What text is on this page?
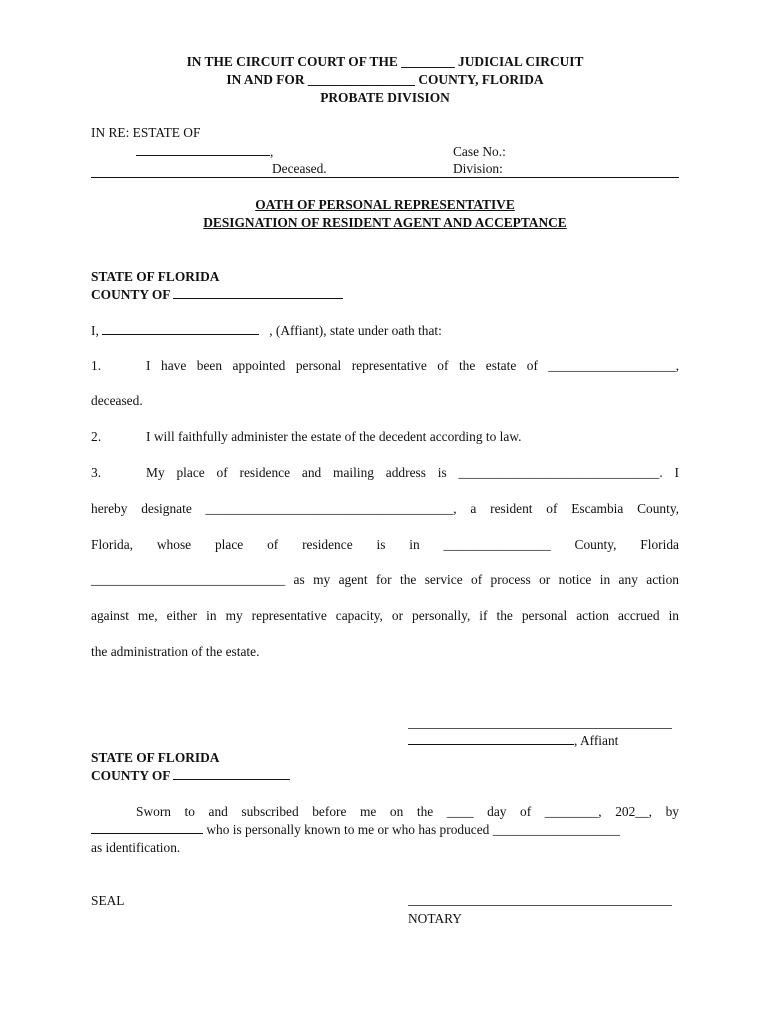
IN THE CIRCUIT COURT OF THE ________ JUDICIAL CIRCUIT
IN AND FOR ________________ COUNTY, FLORIDA
PROBATE DIVISION
IN RE: ESTATE OF
,
Deceased.
Case No.:
Division:
OATH OF PERSONAL REPRESENTATIVE
DESIGNATION OF RESIDENT AGENT AND ACCEPTANCE
STATE OF FLORIDA
COUNTY OF
I,	, (Affiant), state under oath that:
1.	I have been appointed personal representative of the estate of ___________________,
deceased.
2.	I will faithfully administer the estate of the decedent according to law.
3.	My place of residence and mailing address is ______________________________. I
hereby designate _____________________________________, a resident of Escambia County,
Florida, whose place of residence is in ________________ County, Florida
_____________________________ as my agent for the service of process or notice in any action
against me, either in my representative capacity, or personally, if the personal action accrued in
the administration of the estate.
, Affiant
STATE OF FLORIDA
COUNTY OF
Sworn to and subscribed before me on the ____ day of ________, 202__, by
who is personally known to me or who has produced ___________________
as identification.
SEAL
NOTARY
